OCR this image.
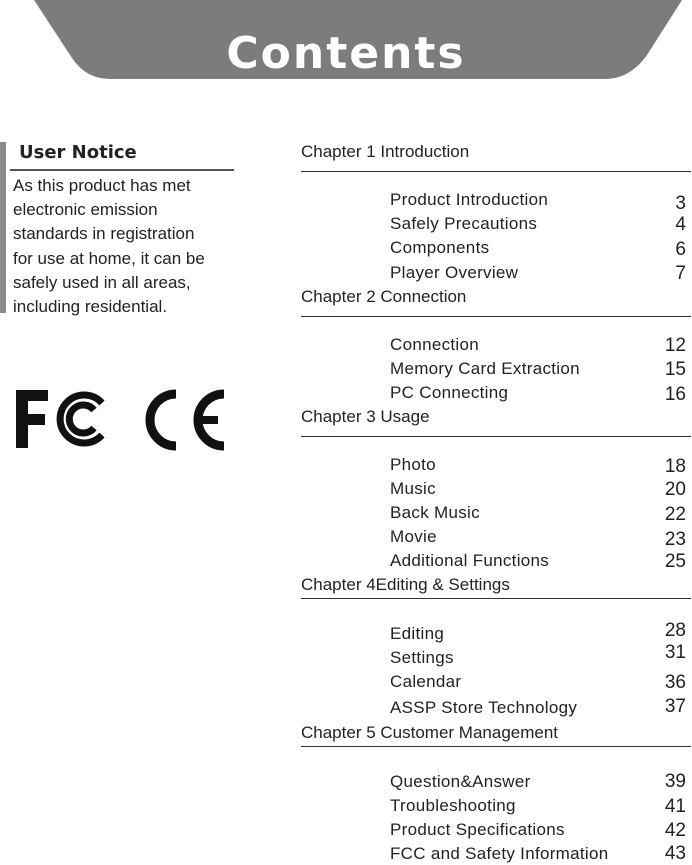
Contents
User Notice
As this product has met
electronic emission
standards in registration
for use at home, it can be
safely used in all areas,
including residential.
Chapter 1 Introduction
Product Introduction	3
Safely Precautions	4
Components	6
Player Overview	7
Chapter 2 Connection
Connection	12
Memory Card Extraction	15
PC Connecting	16
Chapter 3 Usage
Photo	18
Music	20
Back Music	22
Movie	23
Additional Functions	25
Chapter 4Editing & Settings
Editing	28
Settings	31
Calendar	36
ASSP Store Technology	37
Chapter 5 Customer Management
Question&Answer	39
Troubleshooting	41
Product Specifications	42
FCC and Safety Information	43
